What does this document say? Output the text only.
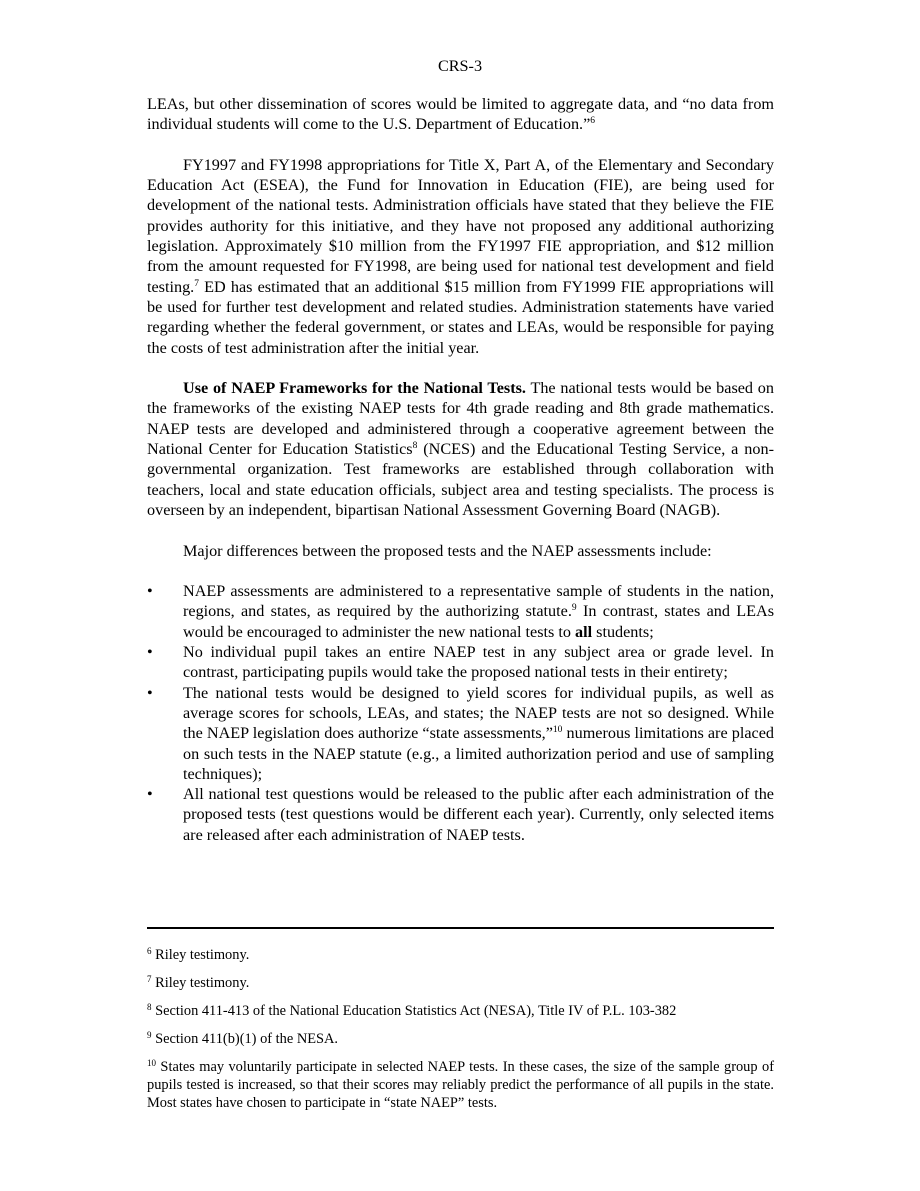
CRS-3

LEAs, but other dissemination of scores would be limited to aggregate data, and “no data from individual students will come to the U.S. Department of Education.”$^6$

FY1997 and FY1998 appropriations for Title X, Part A, of the Elementary and Secondary Education Act (ESEA), the Fund for Innovation in Education (FIE), are being used for development of the national tests. Administration officials have stated that they believe the FIE provides authority for this initiative, and they have not proposed any additional authorizing legislation. Approximately $10 million from the FY1997 FIE appropriation, and $12 million from the amount requested for FY1998, are being used for national test development and field testing.$^7$ ED has estimated that an additional $15 million from FY1999 FIE appropriations will be used for further test development and related studies. Administration statements have varied regarding whether the federal government, or states and LEAs, would be responsible for paying the costs of test administration after the initial year.

Use of NAEP Frameworks for the National Tests. The national tests would be based on the frameworks of the existing NAEP tests for 4th grade reading and 8th grade mathematics. NAEP tests are developed and administered through a cooperative agreement between the National Center for Education Statistics$^8$ (NCES) and the Educational Testing Service, a non-governmental organization. Test frameworks are established through collaboration with teachers, local and state education officials, subject area and testing specialists. The process is overseen by an independent, bipartisan National Assessment Governing Board (NAGB).

Major differences between the proposed tests and the NAEP assessments include:

• NAEP assessments are administered to a representative sample of students in the nation, regions, and states, as required by the authorizing statute.$^9$ In contrast, states and LEAs would be encouraged to administer the new national tests to all students;
• No individual pupil takes an entire NAEP test in any subject area or grade level. In contrast, participating pupils would take the proposed national tests in their entirety;
• The national tests would be designed to yield scores for individual pupils, as well as average scores for schools, LEAs, and states; the NAEP tests are not so designed. While the NAEP legislation does authorize “state assessments,”$^{10}$ numerous limitations are placed on such tests in the NAEP statute (e.g., a limited authorization period and use of sampling techniques);
• All national test questions would be released to the public after each administration of the proposed tests (test questions would be different each year). Currently, only selected items are released after each administration of NAEP tests.

$^6$ Riley testimony.

$^7$ Riley testimony.

$^8$ Section 411-413 of the National Education Statistics Act (NESA), Title IV of P.L. 103-382

$^9$ Section 411(b)(1) of the NESA.

$^{10}$ States may voluntarily participate in selected NAEP tests. In these cases, the size of the sample group of pupils tested is increased, so that their scores may reliably predict the performance of all pupils in the state. Most states have chosen to participate in “state NAEP” tests.
